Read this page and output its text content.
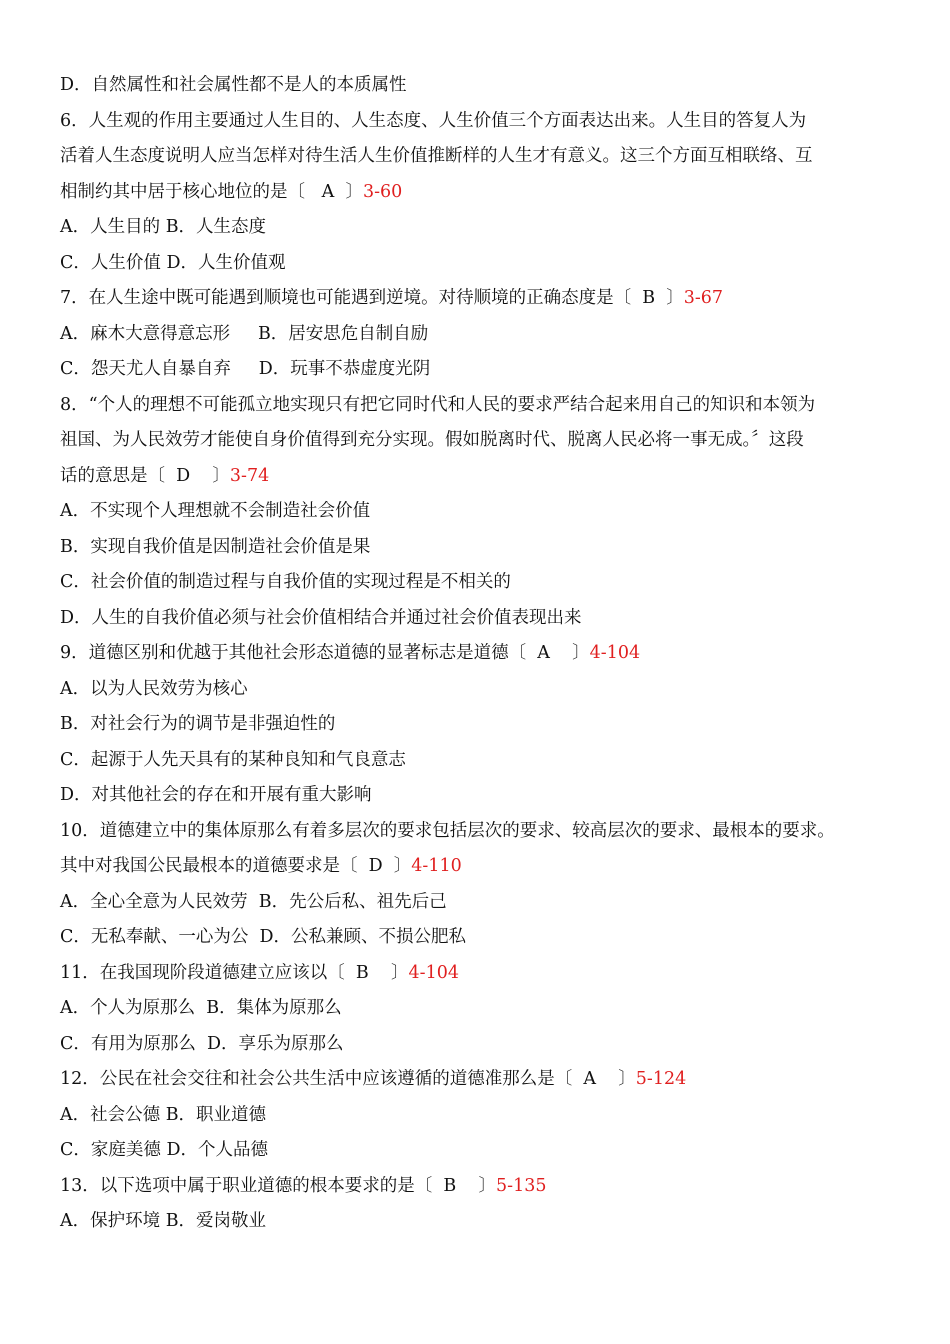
D．自然属性和社会属性都不是人的本质属性
6．人生观的作用主要通过人生目的、人生态度、人生价值三个方面表达出来。人生目的答复人为
活着人生态度说明人应当怎样对待生活人生价值推断样的人生才有意义。这三个方面互相联络、互
相制约其中居于核心地位的是〔   A  〕3-60
A．人生目的 B．人生态度
C．人生价值 D．人生价值观
7．在人生途中既可能遇到顺境也可能遇到逆境。对待顺境的正确态度是〔  B  〕3-67
A．麻木大意得意忘形     B．居安思危自制自励
C．怨天尤人自暴自弃     D．玩事不恭虚度光阴
8．“个人的理想不可能孤立地实现只有把它同时代和人民的要求严结合起来用自己的知识和本领为
祖国、为人民效劳才能使自身价值得到充分实现。假如脱离时代、脱离人民必将一事无成。〞这段
话的意思是〔  D    〕3-74
A．不实现个人理想就不会制造社会价值
B．实现自我价值是因制造社会价值是果
C．社会价值的制造过程与自我价值的实现过程是不相关的
D．人生的自我价值必须与社会价值相结合并通过社会价值表现出来
9．道德区别和优越于其他社会形态道德的显著标志是道德〔  A    〕4-104
A．以为人民效劳为核心
B．对社会行为的调节是非强迫性的
C．起源于人先天具有的某种良知和气良意志
D．对其他社会的存在和开展有重大影响
10．道德建立中的集体原那么有着多层次的要求包括层次的要求、较高层次的要求、最根本的要求。
其中对我国公民最根本的道德要求是〔  D  〕4-110
A．全心全意为人民效劳  B．先公后私、祖先后己
C．无私奉献、一心为公  D．公私兼顾、不损公肥私
11．在我国现阶段道德建立应该以〔  B    〕4-104
A．个人为原那么  B．集体为原那么
C．有用为原那么  D．享乐为原那么
12．公民在社会交往和社会公共生活中应该遵循的道德准那么是〔  A    〕5-124
A．社会公德 B．职业道德
C．家庭美德 D．个人品德
13．以下选项中属于职业道德的根本要求的是〔  B    〕5-135
A．保护环境 B．爱岗敬业
